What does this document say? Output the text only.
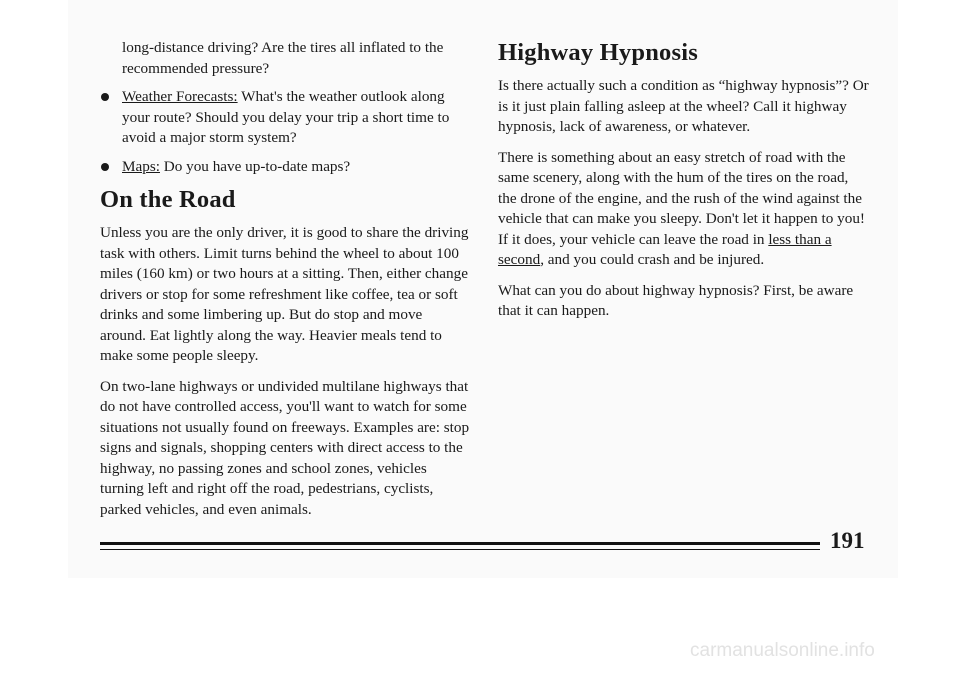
long-distance driving? Are the tires all inflated to the recommended pressure?

Weather Forecasts: What's the weather outlook along your route? Should you delay your trip a short time to avoid a major storm system?

Maps: Do you have up-to-date maps?

On the Road

Unless you are the only driver, it is good to share the driving task with others. Limit turns behind the wheel to about 100 miles (160 km) or two hours at a sitting. Then, either change drivers or stop for some refreshment like coffee, tea or soft drinks and some limbering up. But do stop and move around. Eat lightly along the way. Heavier meals tend to make some people sleepy.

On two-lane highways or undivided multilane highways that do not have controlled access, you'll want to watch for some situations not usually found on freeways. Examples are: stop signs and signals, shopping centers with direct access to the highway, no passing zones and school zones, vehicles turning left and right off the road, pedestrians, cyclists, parked vehicles, and even animals.

Highway Hypnosis

Is there actually such a condition as “highway hypnosis”? Or is it just plain falling asleep at the wheel? Call it highway hypnosis, lack of awareness, or whatever.

There is something about an easy stretch of road with the same scenery, along with the hum of the tires on the road, the drone of the engine, and the rush of the wind against the vehicle that can make you sleepy. Don't let it happen to you! If it does, your vehicle can leave the road in less than a second, and you could crash and be injured.

What can you do about highway hypnosis? First, be aware that it can happen.

191
carmanualsonline.info
